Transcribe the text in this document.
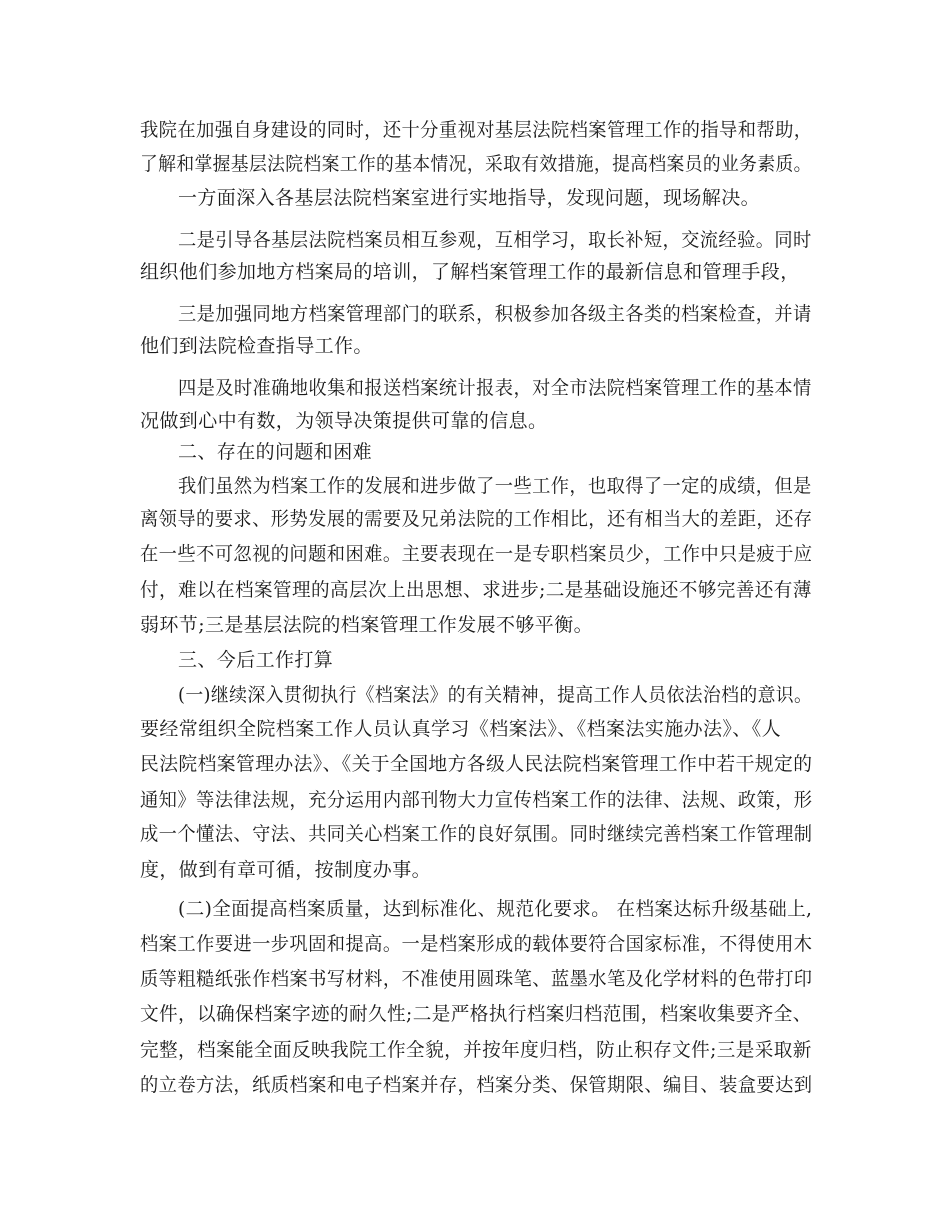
我院在加强自身建设的同时，还十分重视对基层法院档案管理工作的指导和帮助，
了解和掌握基层法院档案工作的基本情况，采取有效措施，提高档案员的业务素质。
一方面深入各基层法院档案室进行实地指导，发现问题，现场解决。
二是引导各基层法院档案员相互参观，互相学习，取长补短，交流经验。同时
组织他们参加地方档案局的培训，了解档案管理工作的最新信息和管理手段，
三是加强同地方档案管理部门的联系，积极参加各级主各类的档案检查，并请
他们到法院检查指导工作。
四是及时准确地收集和报送档案统计报表，对全市法院档案管理工作的基本情
况做到心中有数，为领导决策提供可靠的信息。
二、存在的问题和困难
我们虽然为档案工作的发展和进步做了一些工作，也取得了一定的成绩，但是
离领导的要求、形势发展的需要及兄弟法院的工作相比，还有相当大的差距，还存
在一些不可忽视的问题和困难。主要表现在一是专职档案员少，工作中只是疲于应
付，难以在档案管理的高层次上出思想、求进步;二是基础设施还不够完善还有薄
弱环节;三是基层法院的档案管理工作发展不够平衡。
三、今后工作打算
(一)继续深入贯彻执行《档案法》的有关精神，提高工作人员依法治档的意识。
要经常组织全院档案工作人员认真学习《档案法》、《档案法实施办法》、《人
民法院档案管理办法》、《关于全国地方各级人民法院档案管理工作中若干规定的
通知》等法律法规，充分运用内部刊物大力宣传档案工作的法律、法规、政策，形
成一个懂法、守法、共同关心档案工作的良好氛围。同时继续完善档案工作管理制
度，做到有章可循，按制度办事。
(二)全面提高档案质量，达到标准化、规范化要求。 在档案达标升级基础上,
档案工作要进一步巩固和提高。一是档案形成的载体要符合国家标准，不得使用木
质等粗糙纸张作档案书写材料，不准使用圆珠笔、蓝墨水笔及化学材料的色带打印
文件，以确保档案字迹的耐久性;二是严格执行档案归档范围，档案收集要齐全、
完整，档案能全面反映我院工作全貌，并按年度归档，防止积存文件;三是采取新
的立卷方法，纸质档案和电子档案并存，档案分类、保管期限、编目、装盒要达到
